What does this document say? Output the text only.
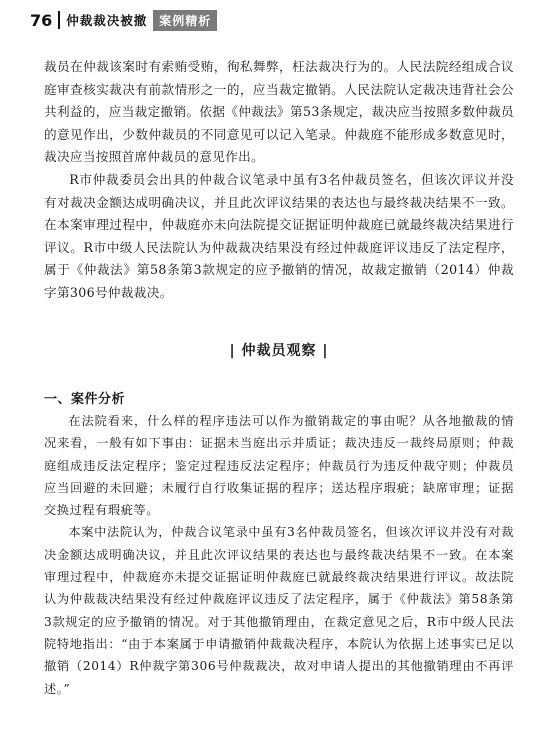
76 仲裁裁决被撤	案例精析

裁员在仲裁该案时有索贿受贿，徇私舞弊，枉法裁决行为的。人民法院经组成合议庭审查核实裁决有前款情形之一的，应当裁定撤销。人民法院认定裁决违背社会公共利益的，应当裁定撤销。依据《仲裁法》第53条规定，裁决应当按照多数仲裁员的意见作出，少数仲裁员的不同意见可以记入笔录。仲裁庭不能形成多数意见时，裁决应当按照首席仲裁员的意见作出。

R市仲裁委员会出具的仲裁合议笔录中虽有3名仲裁员签名，但该次评议并没有对裁决金额达成明确决议，并且此次评议结果的表达也与最终裁决结果不一致。在本案审理过程中，仲裁庭亦未向法院提交证据证明仲裁庭已就最终裁决结果进行评议。R市中级人民法院认为仲裁裁决结果没有经过仲裁庭评议违反了法定程序，属于《仲裁法》第58条第3款规定的应予撤销的情况，故裁定撤销（2014）仲裁字第306号仲裁裁决。

| 仲裁员观察 |
一、案件分析

在法院看来，什么样的程序违法可以作为撤销裁定的事由呢？从各地撤裁的情况来看，一般有如下事由：证据未当庭出示并质证；裁决违反一裁终局原则；仲裁庭组成违反法定程序；鉴定过程违反法定程序；仲裁员行为违反仲裁守则；仲裁员应当回避的未回避；未履行自行收集证据的程序；送达程序瑕疵；缺席审理；证据交换过程有瑕疵等。

本案中法院认为，仲裁合议笔录中虽有3名仲裁员签名，但该次评议并没有对裁决金额达成明确决议，并且此次评议结果的表达也与最终裁决结果不一致。在本案审理过程中，仲裁庭亦未提交证据证明仲裁庭已就最终裁决结果进行评议。故法院认为仲裁裁决结果没有经过仲裁庭评议违反了法定程序，属于《仲裁法》第58条第3款规定的应予撤销的情况。对于其他撤销理由，在裁定意见之后，R市中级人民法院特地指出：“由于本案属于申请撤销仲裁裁决程序，本院认为依据上述事实已足以撤销（2014）R仲裁字第306号仲裁裁决，故对申请人提出的其他撤销理由不再评述。”
